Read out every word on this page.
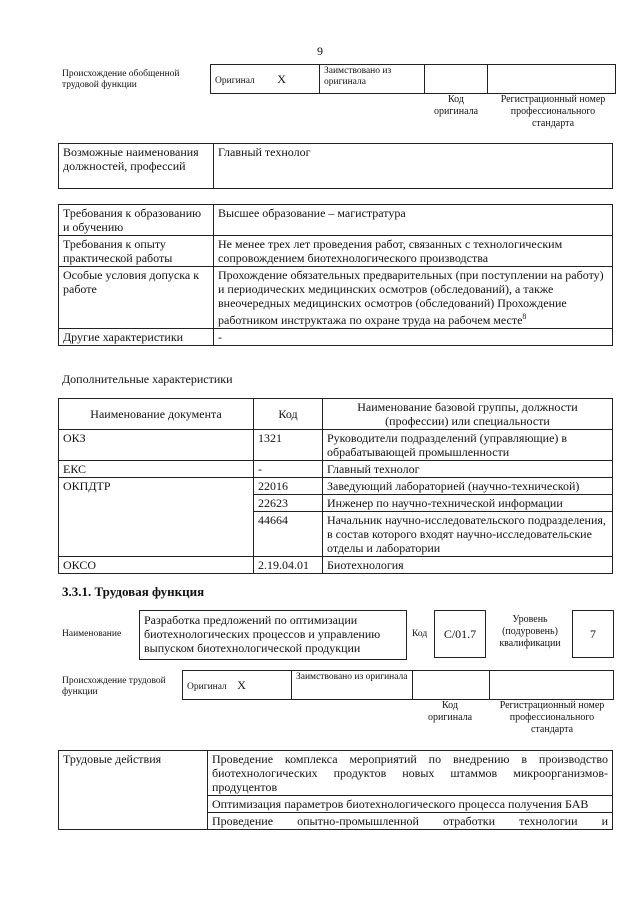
9
Происхождение обобщенной трудовой функции	Оригинал X	Заимствовано из оригинала		
Код оригинала
Регистрационный номер профессионального стандарта
Возможные наименования должностей, профессий	Главный технолог
Требования к образованию и обучению	Высшее образование – магистратура
Требования к опыту практической работы	Не менее трех лет проведения работ, связанных с технологическим сопровождением биотехнологического производства
Особые условия допуска к работе	Прохождение обязательных предварительных (при поступлении на работу) и периодических медицинских осмотров (обследований), а также внеочередных медицинских осмотров (обследований) Прохождение работником инструктажа по охране труда на рабочем месте$^8$
Другие характеристики	-
Дополнительные характеристики
Наименование документа	Код	Наименование базовой группы, должности (профессии) или специальности
ОКЗ	1321	Руководители подразделений (управляющие) в обрабатывающей промышленности
ЕКС	-	Главный технолог
ОКПДТР	22016	Заведующий лабораторией (научно-технической)
	22623	Инженер по научно-технической информации
	44664	Начальник научно-исследовательского подразделения, в состав которого входят научно-исследовательские отделы и лаборатории
ОКСО	2.19.04.01	Биотехнология
3.3.1. Трудовая функция
Наименование
Разработка предложений по оптимизации биотехнологических процессов и управлению выпуском биотехнологической продукции
Код	C/01.7
Уровень (подуровень) квалификации
7
Происхождение трудовой функции
Оригинал X	Заимствовано из оригинала		
Код оригинала
Регистрационный номер профессионального стандарта
Трудовые действия	Проведение комплекса мероприятий по внедрению в производство биотехнологических продуктов новых штаммов микроорганизмов-продуцентов
Оптимизация параметров биотехнологического процесса получения БАВ
Проведение опытно-промышленной отработки технологии и
